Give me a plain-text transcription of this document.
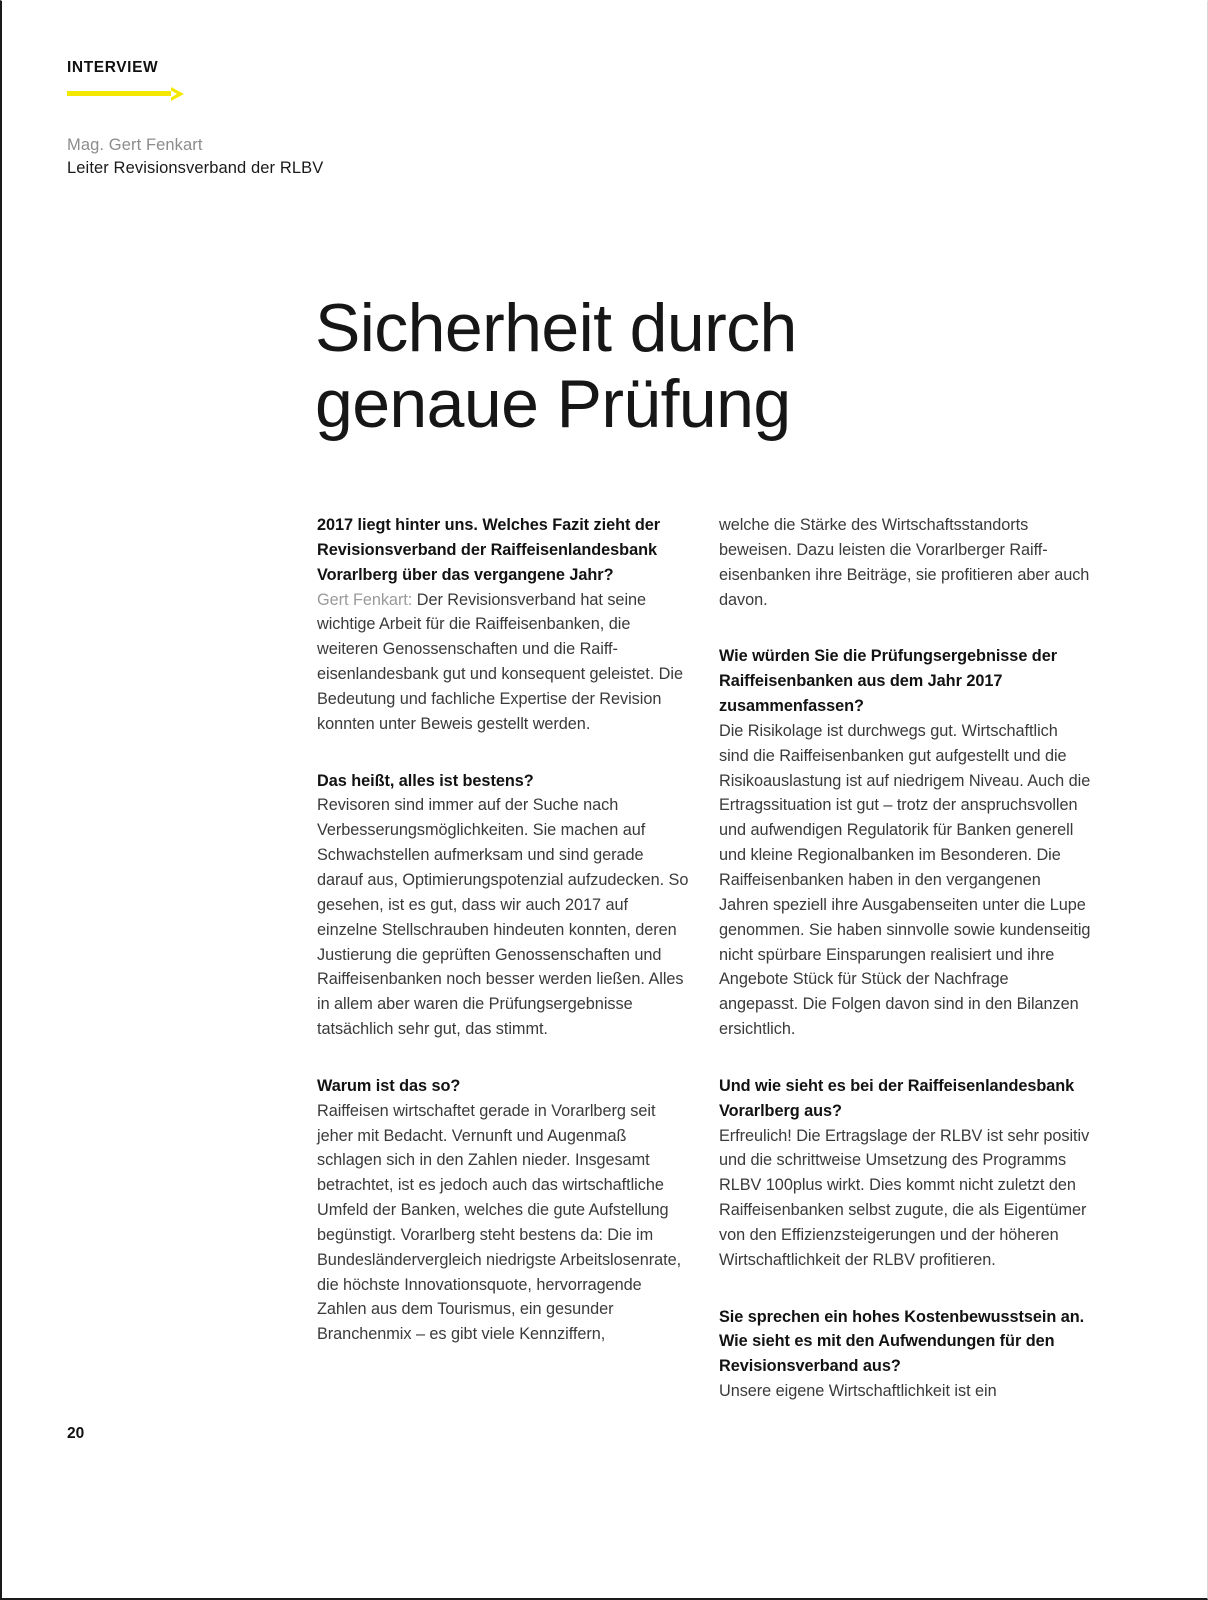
INTERVIEW
Mag. Gert Fenkart
Leiter Revisionsverband der RLBV
Sicherheit durch
genaue Prüfung

2017 liegt hinter uns. Welches Fazit zieht der Revisionsverband der Raiffeisenlandesbank Vorarlberg über das vergangene Jahr?

Gert Fenkart: Der Revisionsverband hat seine wichtige Arbeit für die Raiffeisenbanken, die weiteren Genossenschaften und die Raiffeisenlandesbank gut und konsequent geleistet. Die Bedeutung und fachliche Expertise der Revision konnten unter Beweis gestellt werden.

Das heißt, alles ist bestens?

Revisoren sind immer auf der Suche nach Verbesserungsmöglichkeiten. Sie machen auf Schwachstellen aufmerksam und sind gerade darauf aus, Optimierungspotenzial aufzudecken. So gesehen, ist es gut, dass wir auch 2017 auf einzelne Stellschrauben hindeuten konnten, deren Justierung die geprüften Genossenschaften und Raiffeisenbanken noch besser werden ließen. Alles in allem aber waren die Prüfungsergebnisse tatsächlich sehr gut, das stimmt.

Warum ist das so?

Raiffeisen wirtschaftet gerade in Vorarlberg seit jeher mit Bedacht. Vernunft und Augenmaß schlagen sich in den Zahlen nieder. Insgesamt betrachtet, ist es jedoch auch das wirtschaftliche Umfeld der Banken, welches die gute Aufstellung begünstigt. Vorarlberg steht bestens da: Die im Bundesländervergleich niedrigste Arbeitslosenrate, die höchste Innovationsquote, hervorragende Zahlen aus dem Tourismus, ein gesunder Branchenmix – es gibt viele Kennziffern,

welche die Stärke des Wirtschaftsstandorts beweisen. Dazu leisten die Vorarlberger Raiffeisenbanken ihre Beiträge, sie profitieren aber auch davon.

Wie würden Sie die Prüfungsergebnisse der Raiffeisenbanken aus dem Jahr 2017 zusammenfassen?

Die Risikolage ist durchwegs gut. Wirtschaftlich sind die Raiffeisenbanken gut aufgestellt und die Risikoauslastung ist auf niedrigem Niveau. Auch die Ertragssituation ist gut – trotz der anspruchsvollen und aufwendigen Regulatorik für Banken generell und kleine Regionalbanken im Besonderen. Die Raiffeisenbanken haben in den vergangenen Jahren speziell ihre Ausgabenseiten unter die Lupe genommen. Sie haben sinnvolle sowie kundenseitig nicht spürbare Einsparungen realisiert und ihre Angebote Stück für Stück der Nachfrage angepasst. Die Folgen davon sind in den Bilanzen ersichtlich.

Und wie sieht es bei der Raiffeisenlandesbank Vorarlberg aus?

Erfreulich! Die Ertragslage der RLBV ist sehr positiv und die schrittweise Umsetzung des Programms RLBV 100plus wirkt. Dies kommt nicht zuletzt den Raiffeisenbanken selbst zugute, die als Eigentümer von den Effizienzsteigerungen und der höheren Wirtschaftlichkeit der RLBV profitieren.

Sie sprechen ein hohes Kostenbewusstsein an. Wie sieht es mit den Aufwendungen für den Revisionsverband aus?

Unsere eigene Wirtschaftlichkeit ist ein

20
